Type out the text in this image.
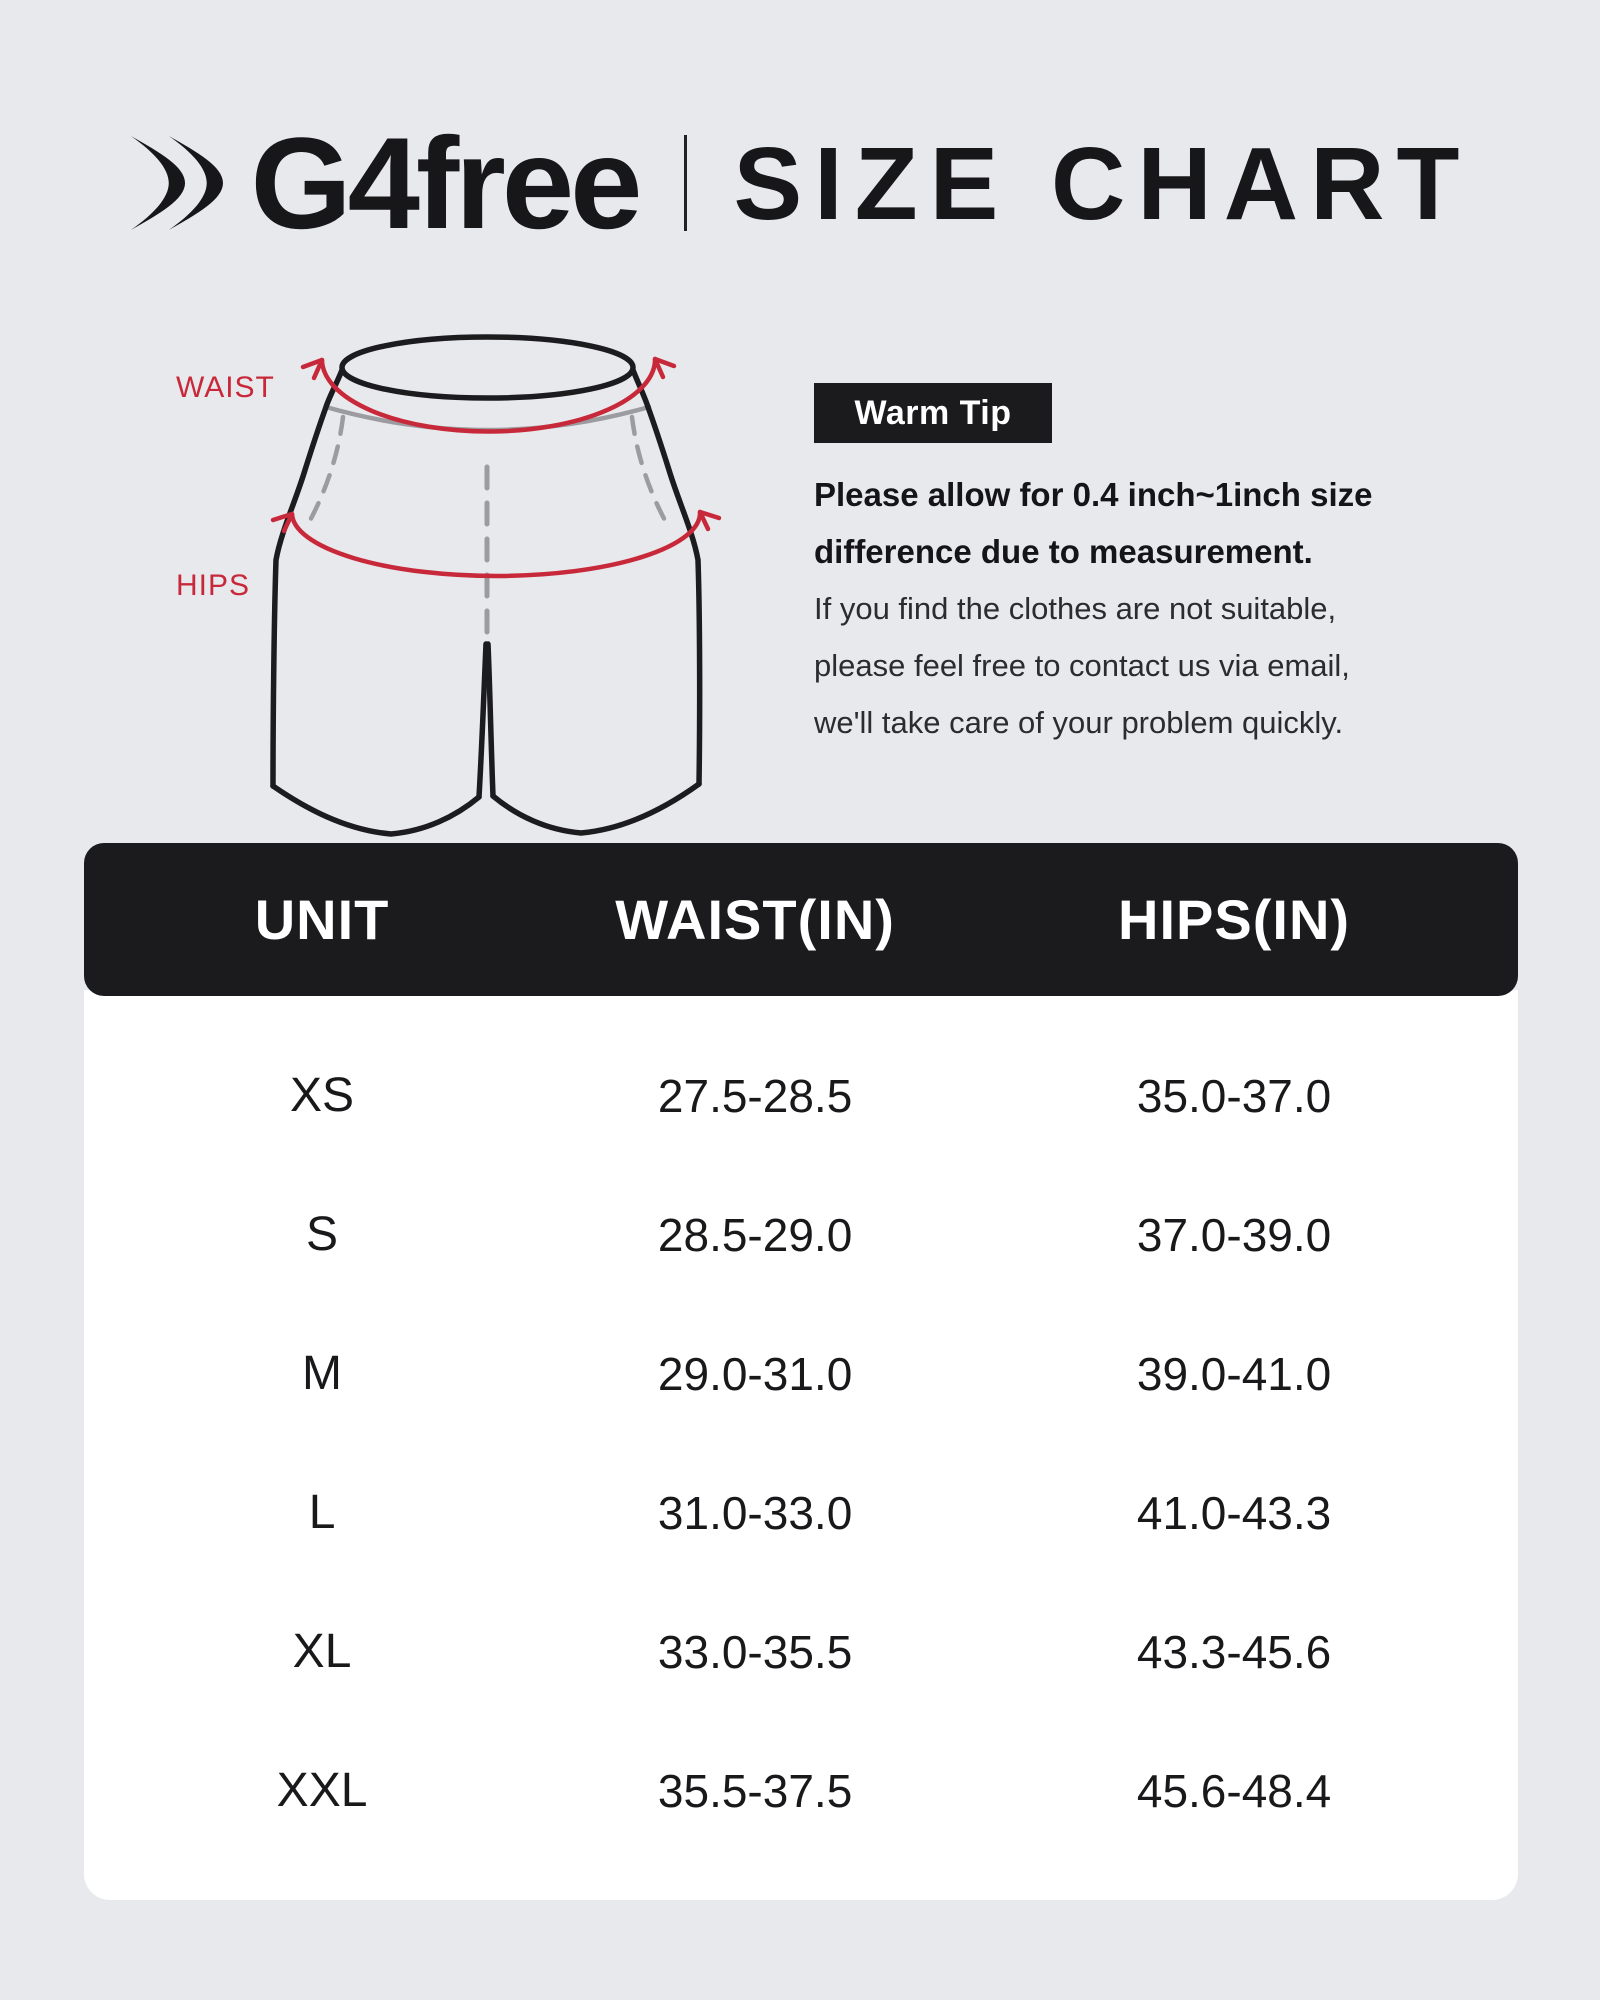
G4free SIZE CHART
WAIST
HIPS
Warm Tip
Please allow for 0.4 inch~1inch size
difference due to measurement.
If you find the clothes are not suitable,
please feel free to contact us via email,
we'll take care of your problem quickly.
UNIT	WAIST(IN)	HIPS(IN)
XS	27.5-28.5	35.0-37.0
S	28.5-29.0	37.0-39.0
M	29.0-31.0	39.0-41.0
L	31.0-33.0	41.0-43.3
XL	33.0-35.5	43.3-45.6
XXL	35.5-37.5	45.6-48.4
